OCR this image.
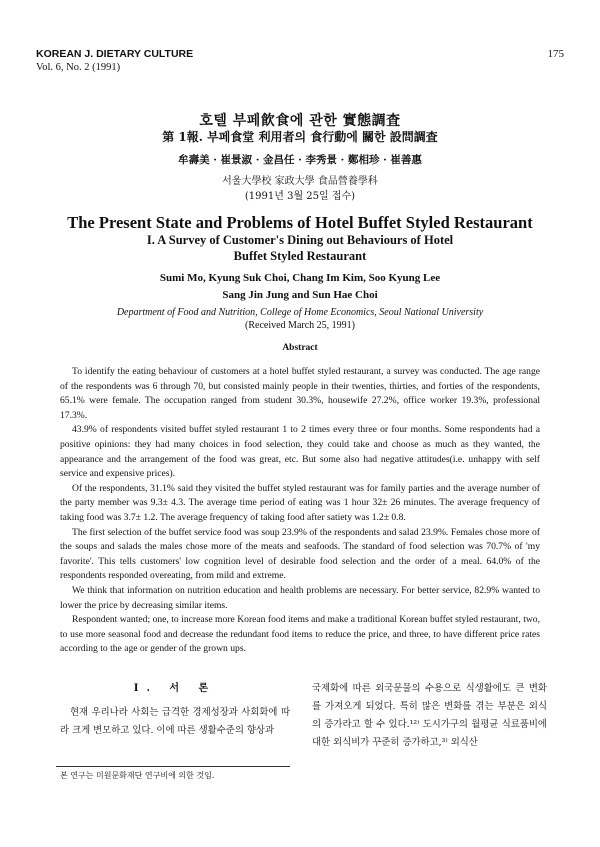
KOREAN J. DIETARY CULTURE
Vol. 6, No. 2 (1991)
175
호텔 부페飮食에 관한 實態調査
第 1報. 부페食堂 利用者의 食行動에 關한 設問調査
牟壽美 · 崔景淑 · 金昌任 · 李秀景 · 鄭相珍 · 崔善惠
서울大學校 家政大學 食品營養學科
(1991년 3월 25일 접수)
The Present State and Problems of Hotel Buffet Styled Restaurant
I. A Survey of Customer's Dining out Behaviours of Hotel
Buffet Styled Restaurant
Sumi Mo, Kyung Suk Choi, Chang Im Kim, Soo Kyung Lee
Sang Jin Jung and Sun Hae Choi
Department of Food and Nutrition, College of Home Economics, Seoul National University
(Received March 25, 1991)
Abstract

To identify the eating behaviour of customers at a hotel buffet styled restaurant, a survey was conducted. The age range of the respondents was 6 through 70, but consisted mainly people in their twenties, thirties, and forties of the respondents, 65.1% were female. The occupation ranged from student 30.3%, housewife 27.2%, office worker 19.3%, professional 17.3%.

43.9% of respondents visited buffet styled restaurant 1 to 2 times every three or four months. Some respondents had a positive opinions: they had many choices in food selection, they could take and choose as much as they wanted, the appearance and the arrangement of the food was great, etc. But some also had negative attitudes(i.e. unhappy with self service and expensive prices).

Of the respondents, 31.1% said they visited the buffet styled restaurant was for family parties and the average number of the party member was 9.3± 4.3. The average time period of eating was 1 hour 32± 26 minutes. The average frequency of taking food was 3.7± 1.2. The average frequency of taking food after satiety was 1.2± 0.8.

The first selection of the buffet service food was soup 23.9% of the respondents and salad 23.9%. Females chose more of the soups and salads the males chose more of the meats and seafoods. The standard of food selection was 70.7% of 'my favorite'. This tells customers' low cognition level of desirable food selection and the order of a meal. 64.0% of the respondents responded overeating, from mild and extreme.

We think that information on nutrition education and health problems are necessary. For better service, 82.9% wanted to lower the price by decreasing similar items.

Respondent wanted; one, to increase more Korean food items and make a traditional Korean buffet styled restaurant, two, to use more seasonal food and decrease the redundant food items to reduce the price, and three, to have different price rates according to the age or gender of the grown ups.

I. 서 론

현재 우리나라 사회는 급격한 경제성장과 사회화에 따라 크게 변모하고 있다. 이에 따른 생활수준의 향상과

국제화에 따른 외국문물의 수용으로 식생활에도 큰 변화를 가져오게 되었다. 특히 많은 변화를 겪는 부분은 외식의 증가라고 할 수 있다.¹²⁾ 도시가구의 월평균 식료품비에 대한 외식비가 꾸준히 증가하고,³⁾ 외식산

본 연구는 미원문화재단 연구비에 의한 것임.
